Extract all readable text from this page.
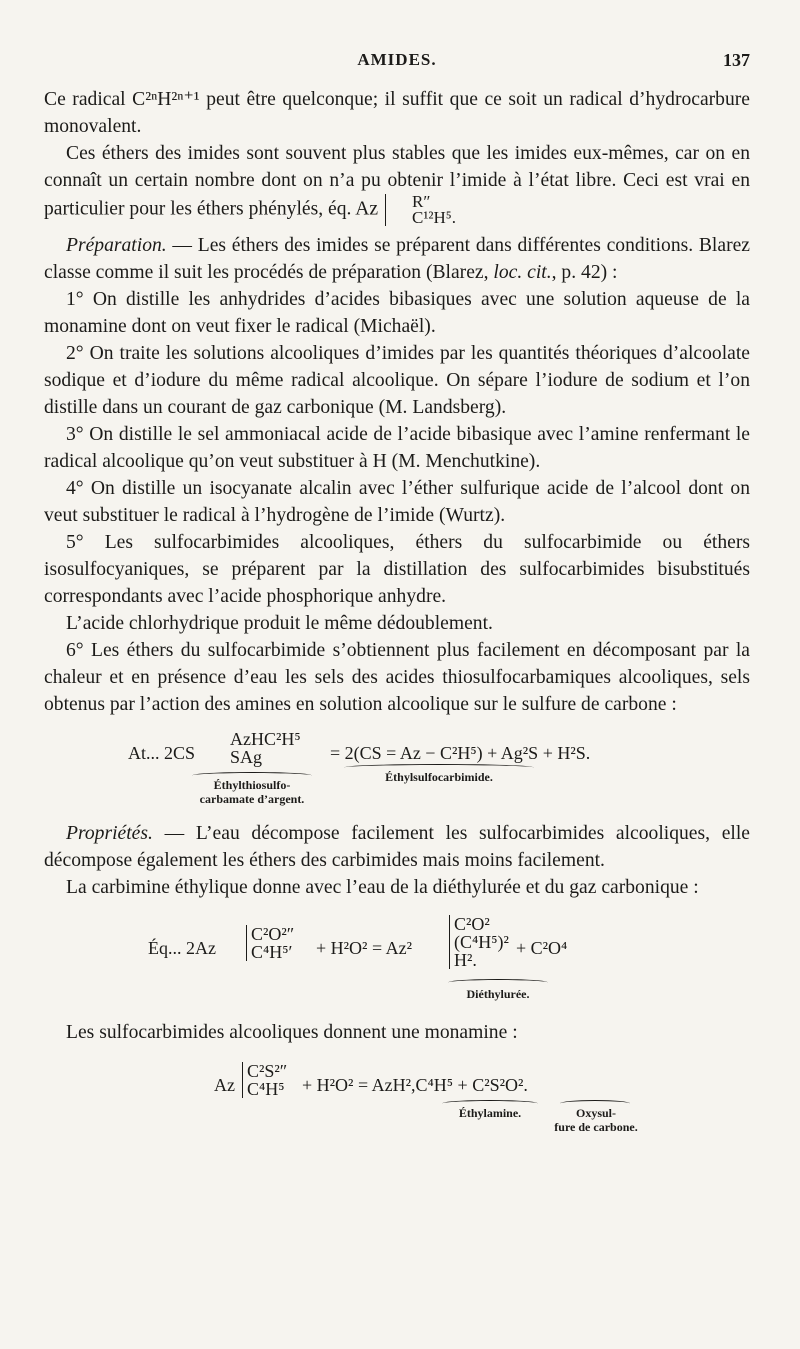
AMIDES.	137

Ce radical C²ⁿH²ⁿ⁺¹ peut être quelconque; il suffit que ce soit un radical d’hydrocarbure monovalent.

Ces éthers des imides sont souvent plus stables que les imides eux-mêmes, car on en connaît un certain nombre dont on n’a pu obtenir l’imide à l’état libre. Ceci est vrai en particulier pour les éthers phénylés, éq. Az	R″
C¹²H⁵.

Préparation. — Les éthers des imides se préparent dans différentes conditions. Blarez classe comme il suit les procédés de préparation (Blarez, loc. cit., p. 42) :

1° On distille les anhydrides d’acides bibasiques avec une solution aqueuse de la monamine dont on veut fixer le radical (Michaël).

2° On traite les solutions alcooliques d’imides par les quantités théoriques d’alcoolate sodique et d’iodure du même radical alcoolique. On sépare l’iodure de sodium et l’on distille dans un courant de gaz carbonique (M. Landsberg).

3° On distille le sel ammoniacal acide de l’acide bibasique avec l’amine renfermant le radical alcoolique qu’on veut substituer à H (M. Menchutkine).

4° On distille un isocyanate alcalin avec l’éther sulfurique acide de l’alcool dont on veut substituer le radical à l’hydrogène de l’imide (Wurtz).

5° Les sulfocarbimides alcooliques, éthers du sulfocarbimide ou éthers isosulfocyaniques, se préparent par la distillation des sulfocarbimides bisubstitués correspondants avec l’acide phosphorique anhydre.

L’acide chlorhydrique produit le même dédoublement.

6° Les éthers du sulfocarbimide s’obtiennent plus facilement en décomposant par la chaleur et en présence d’eau les sels des acides thiosulfocarbamiques alcooliques, sels obtenus par l’action des amines en solution alcoolique sur le sulfure de carbone :

At... 2CS
AzHC²H⁵
SAg	= 2(CS = Az − C²H⁵) + Ag²S + H²S.
Éthylthiosulfo-
carbamate d’argent.
Éthylsulfocarbimide.

Propriétés. — L’eau décompose facilement les sulfocarbimides alcooliques, elle décompose également les éthers des carbimides mais moins facilement.

La carbimine éthylique donne avec l’eau de la diéthylurée et du gaz carbonique :

Éq... 2Az
C²O²″
C⁴H⁵′ + H²O² = Az²
C²O²
(C⁴H⁵)²
H².
+ C²O⁴
Diéthylurée.

Les sulfocarbimides alcooliques donnent une monamine :

Az
C²S²″
C⁴H⁵ + H²O² = AzH²,C⁴H⁵ + C²S²O².
Éthylamine.	Oxysul-
fure de carbone.
